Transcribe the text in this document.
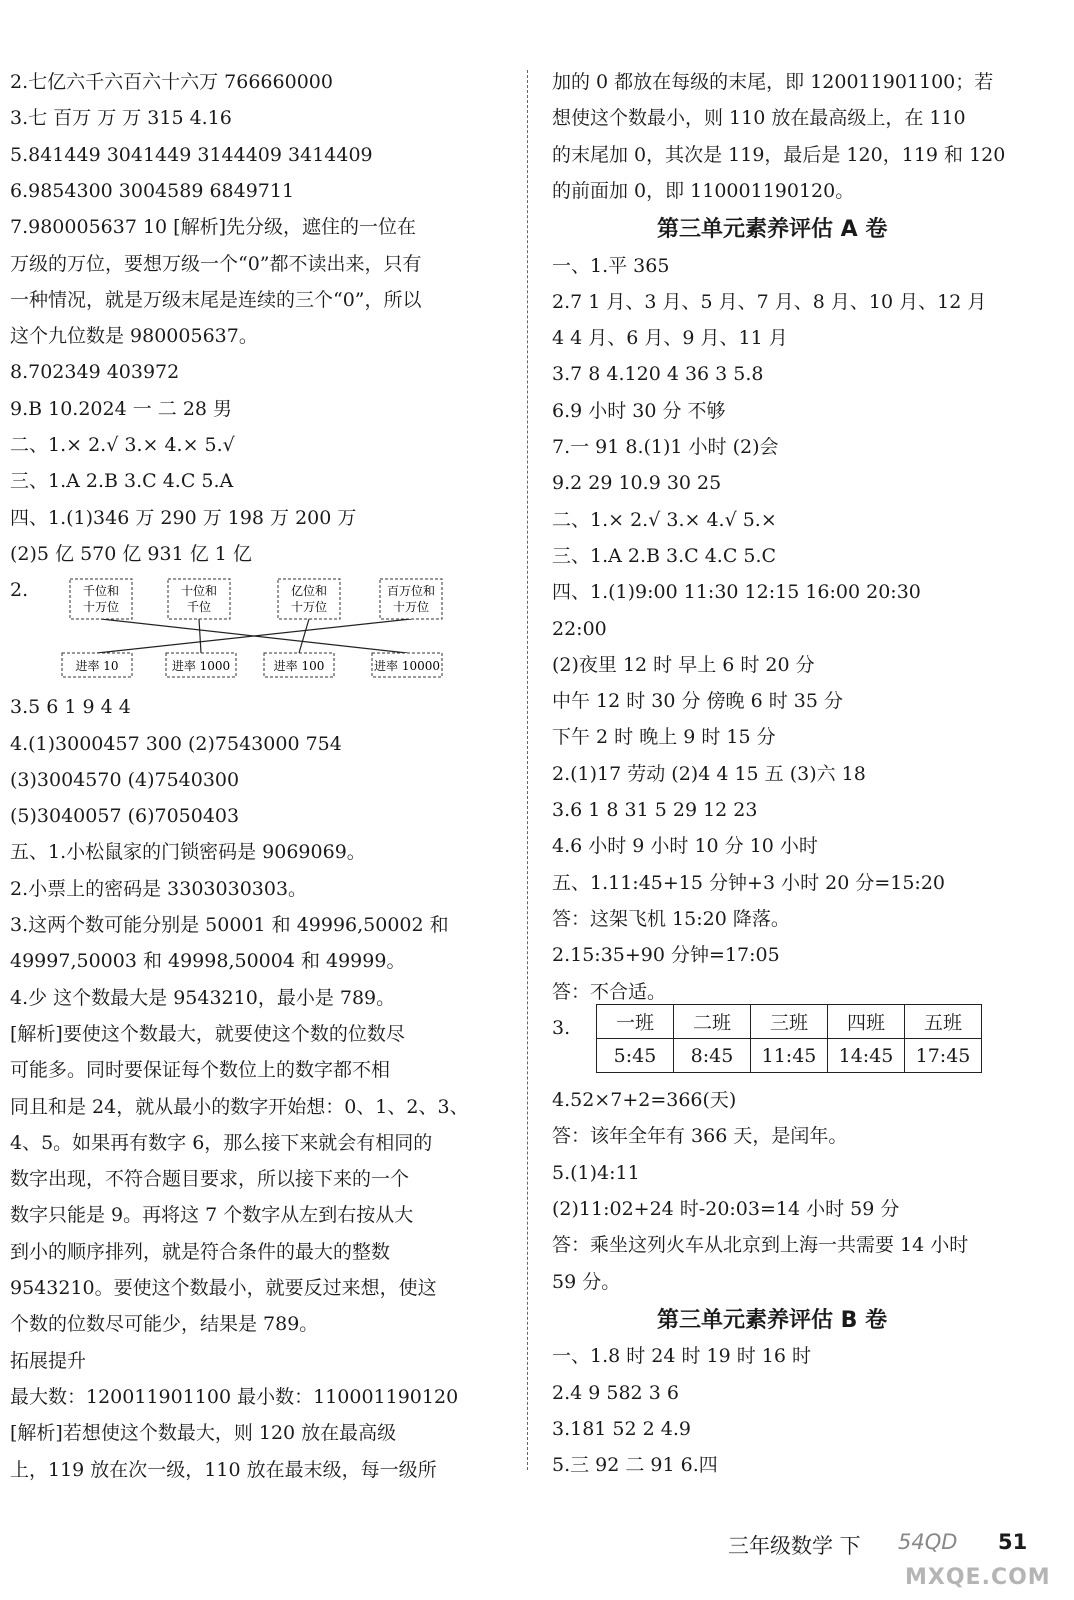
2.七亿六千六百六十六万 766660000
3.七 百万 万 万 315 4.16
5.841449 3041449 3144409 3414409
6.9854300 3004589 6849711
7.980005637 10 [解析]先分级，遮住的一位在
万级的万位，要想万级一个“0”都不读出来，只有
一种情况，就是万级末尾是连续的三个“0”，所以
这个九位数是 980005637。
8.702349 403972
9.B 10.2024 一 二 28 男
二、1.× 2.√ 3.× 4.× 5.√
三、1.A 2.B 3.C 4.C 5.A
四、1.(1)346 万 290 万 198 万 200 万
(2)5 亿 570 亿 931 亿 1 亿
2.
3.5 6 1 9 4 4
4.(1)3000457 300 (2)7543000 754
(3)3004570 (4)7540300
(5)3040057 (6)7050403
五、1.小松鼠家的门锁密码是 9069069。
2.小票上的密码是 3303030303。
3.这两个数可能分别是 50001 和 49996,50002 和
49997,50003 和 49998,50004 和 49999。
4.少 这个数最大是 9543210，最小是 789。
[解析]要使这个数最大，就要使这个数的位数尽
可能多。同时要保证每个数位上的数字都不相
同且和是 24，就从最小的数字开始想：0、1、2、3、
4、5。如果再有数字 6，那么接下来就会有相同的
数字出现，不符合题目要求，所以接下来的一个
数字只能是 9。再将这 7 个数字从左到右按从大
到小的顺序排列，就是符合条件的最大的整数
9543210。要使这个数最小，就要反过来想，使这
个数的位数尽可能少，结果是 789。
拓展提升
最大数：120011901100 最小数：110001190120
[解析]若想使这个数最大，则 120 放在最高级
上，119 放在次一级，110 放在最末级，每一级所
千位和
十万位
十位和
千位
亿位和
十万位
百万位和
十万位
进率 10	进率 1000	进率 100	进率 10000
加的 0 都放在每级的末尾，即 120011901100；若
想使这个数最小，则 110 放在最高级上，在 110
的末尾加 0，其次是 119，最后是 120，119 和 120
的前面加 0，即 110001190120。
第三单元素养评估 A 卷
一、1.平 365
2.7 1 月、3 月、5 月、7 月、8 月、10 月、12 月
4 4 月、6 月、9 月、11 月
3.7 8 4.120 4 36 3 5.8
6.9 小时 30 分 不够
7.一 91 8.(1)1 小时 (2)会
9.2 29 10.9 30 25
二、1.× 2.√ 3.× 4.√ 5.×
三、1.A 2.B 3.C 4.C 5.C
四、1.(1)9:00 11:30 12:15 16:00 20:30
22:00
(2)夜里 12 时 早上 6 时 20 分
中午 12 时 30 分 傍晚 6 时 35 分
下午 2 时 晚上 9 时 15 分
2.(1)17 劳动 (2)4 4 15 五 (3)六 18
3.6 1 8 31 5 29 12 23
4.6 小时 9 小时 10 分 10 小时
五、1.11:45+15 分钟+3 小时 20 分=15:20
答：这架飞机 15:20 降落。
2.15:35+90 分钟=17:05
答：不合适。
3.
4.52×7+2=366(天)
答：该年全年有 366 天，是闰年。
5.(1)4:11
(2)11:02+24 时-20:03=14 小时 59 分
答：乘坐这列火车从北京到上海一共需要 14 小时
59 分。
第三单元素养评估 B 卷
一、1.8 时 24 时 19 时 16 时
2.4 9 582 3 6
3.181 52 2 4.9
5.三 92 二 91 6.四
一班	二班	三班	四班	五班
5:45	8:45	11:45	14:45	17:45
三年级数学 下 54QD 51
MXQE.COM
